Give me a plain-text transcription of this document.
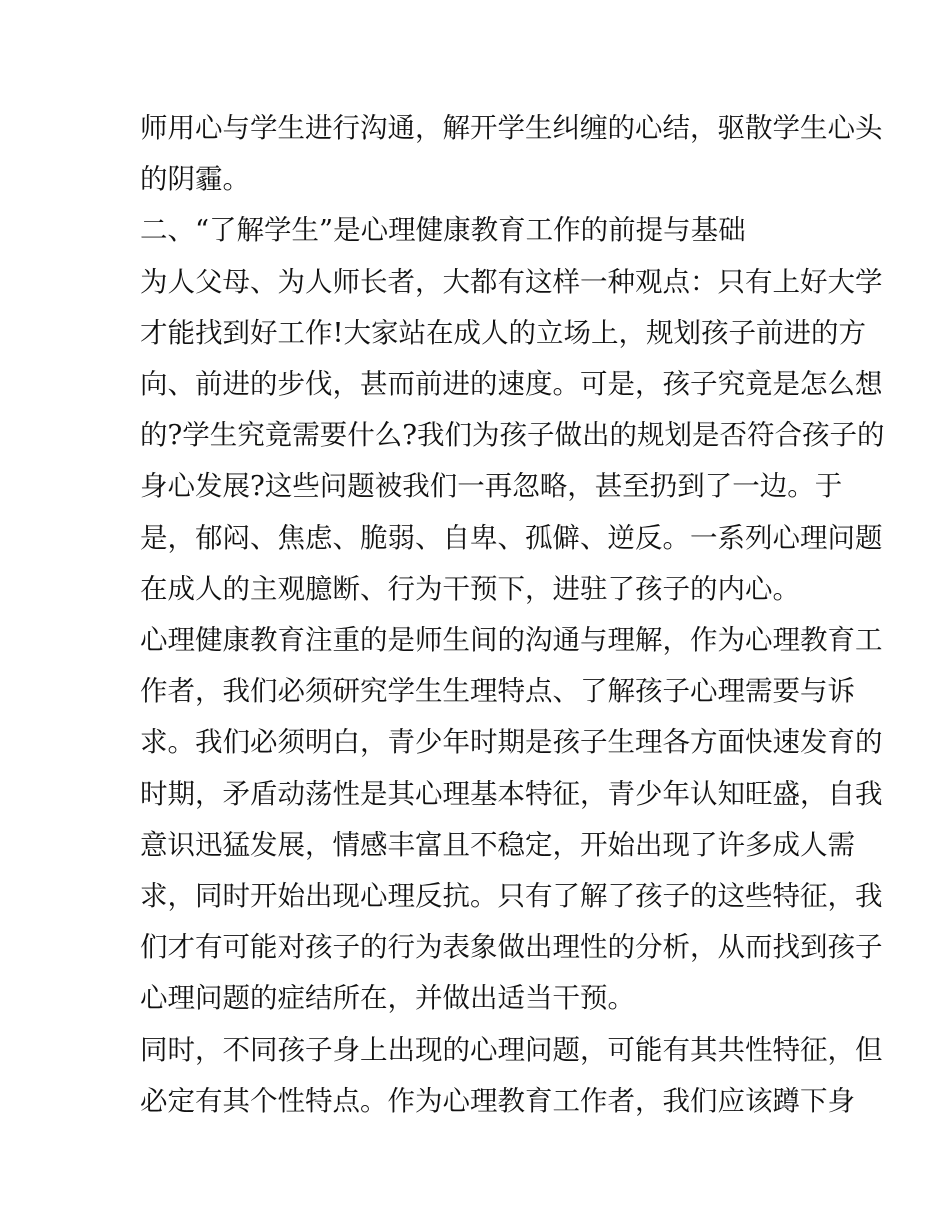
师用心与学生进行沟通，解开学生纠缠的心结，驱散学生心头
的阴霾。
二、“了解学生”是心理健康教育工作的前提与基础
为人父母、为人师长者，大都有这样一种观点：只有上好大学
才能找到好工作!大家站在成人的立场上，规划孩子前进的方
向、前进的步伐，甚而前进的速度。可是，孩子究竟是怎么想
的?学生究竟需要什么?我们为孩子做出的规划是否符合孩子的
身心发展?这些问题被我们一再忽略，甚至扔到了一边。于
是，郁闷、焦虑、脆弱、自卑、孤僻、逆反。一系列心理问题
在成人的主观臆断、行为干预下，进驻了孩子的内心。
心理健康教育注重的是师生间的沟通与理解，作为心理教育工
作者，我们必须研究学生生理特点、了解孩子心理需要与诉
求。我们必须明白，青少年时期是孩子生理各方面快速发育的
时期，矛盾动荡性是其心理基本特征，青少年认知旺盛，自我
意识迅猛发展，情感丰富且不稳定，开始出现了许多成人需
求，同时开始出现心理反抗。只有了解了孩子的这些特征，我
们才有可能对孩子的行为表象做出理性的分析，从而找到孩子
心理问题的症结所在，并做出适当干预。
同时，不同孩子身上出现的心理问题，可能有其共性特征，但
必定有其个性特点。作为心理教育工作者，我们应该蹲下身
